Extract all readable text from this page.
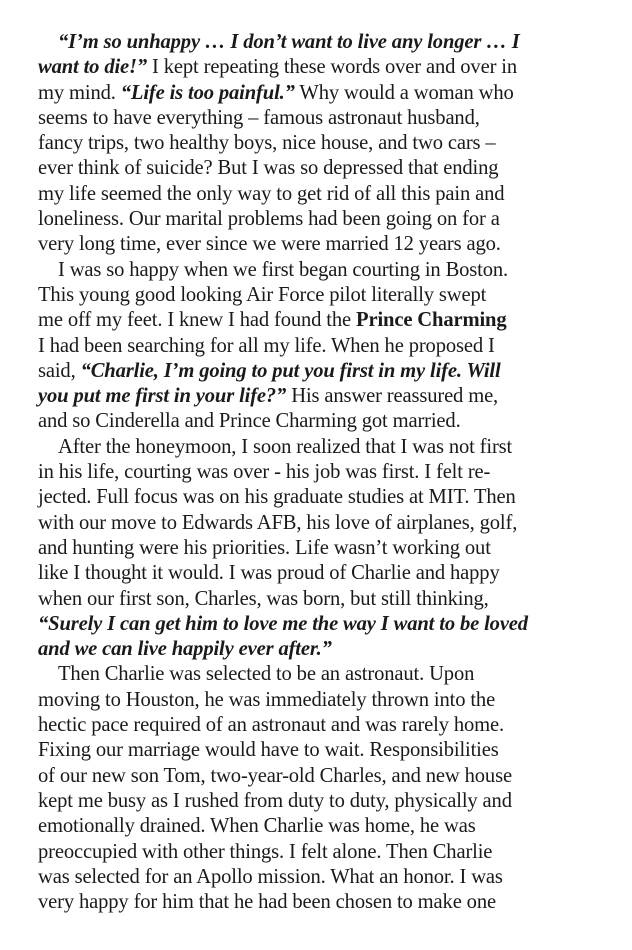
“I’m so unhappy … I don’t want to live any longer … I
want to die!” I kept repeating these words over and over in
my mind. “Life is too painful.” Why would a woman who
seems to have everything – famous astronaut husband,
fancy trips, two healthy boys, nice house, and two cars –
ever think of suicide? But I was so depressed that ending
my life seemed the only way to get rid of all this pain and
loneliness. Our marital problems had been going on for a
very long time, ever since we were married 12 years ago.
I was so happy when we first began courting in Boston.
This young good looking Air Force pilot literally swept
me off my feet. I knew I had found the Prince Charming
I had been searching for all my life. When he proposed I
said, “Charlie, I’m going to put you first in my life. Will
you put me first in your life?” His answer reassured me,
and so Cinderella and Prince Charming got married.
After the honeymoon, I soon realized that I was not first
in his life, courting was over - his job was first. I felt re-
jected. Full focus was on his graduate studies at MIT. Then
with our move to Edwards AFB, his love of airplanes, golf,
and hunting were his priorities. Life wasn’t working out
like I thought it would. I was proud of Charlie and happy
when our first son, Charles, was born, but still thinking,
“Surely I can get him to love me the way I want to be loved
and we can live happily ever after.”
Then Charlie was selected to be an astronaut. Upon
moving to Houston, he was immediately thrown into the
hectic pace required of an astronaut and was rarely home.
Fixing our marriage would have to wait. Responsibilities
of our new son Tom, two-year-old Charles, and new house
kept me busy as I rushed from duty to duty, physically and
emotionally drained. When Charlie was home, he was
preoccupied with other things. I felt alone. Then Charlie
was selected for an Apollo mission. What an honor. I was
very happy for him that he had been chosen to make one
